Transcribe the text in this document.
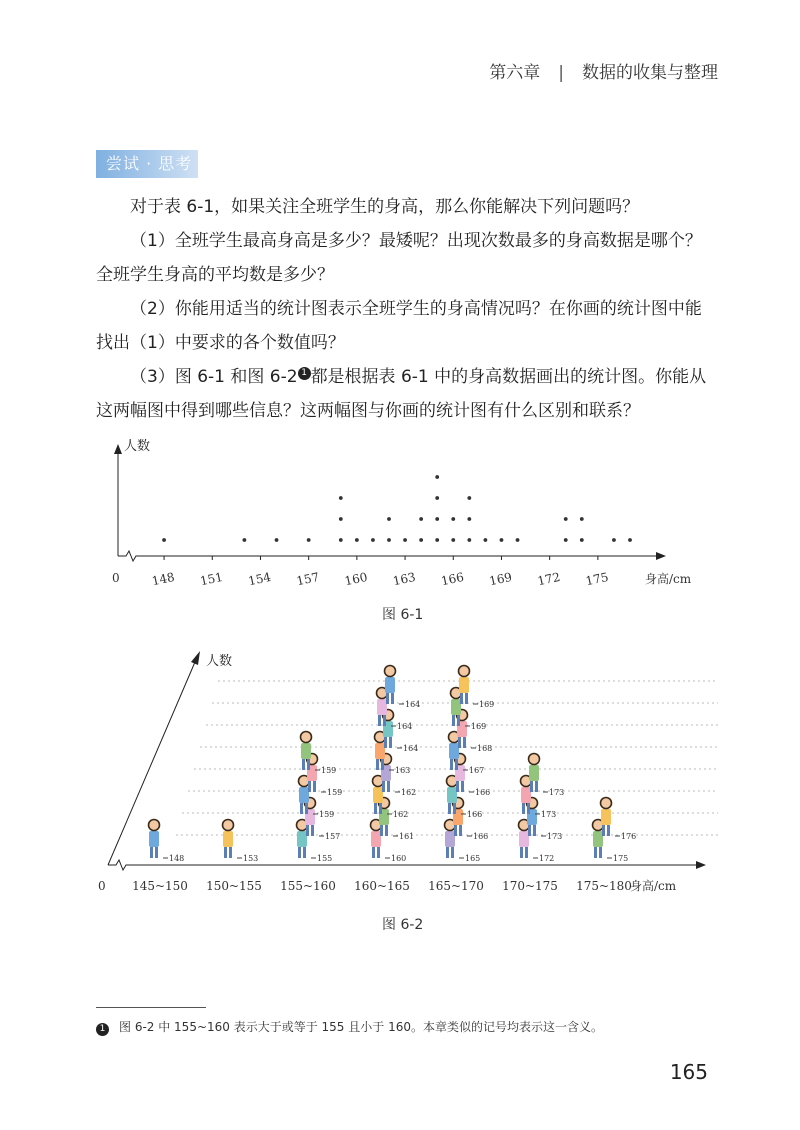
第六章 | 数据的收集与整理
尝试 · 思考
对于表 6-1，如果关注全班学生的身高，那么你能解决下列问题吗？
（1）全班学生最高身高是多少？最矮呢？出现次数最多的身高数据是哪个？全班学生身高的平均数是多少？
（2）你能用适当的统计图表示全班学生的身高情况吗？在你画的统计图中能找出（1）中要求的各个数值吗？
（3）图 6-1 和图 6-2 1 都是根据表 6-1 中的身高数据画出的统计图。你能从这两幅图中得到哪些信息？这两幅图与你画的统计图有什么区别和联系？
人数
0	身高/cm
148 151 154 157 160 163 166 169 172 175
图 6-1
人数
0	身高/cm
145~150 150~155 155~160 160~165 165~170 170~175 175~180
148	153	155
157
159
159
159
160
161
162
162
163
164
164
164
165
166
166
166
167
168
169
169
172
173
173
173
175
176
图 6-2
1 图 6-2 中 155~160 表示大于或等于 155 且小于 160。本章类似的记号均表示这一含义。
165
